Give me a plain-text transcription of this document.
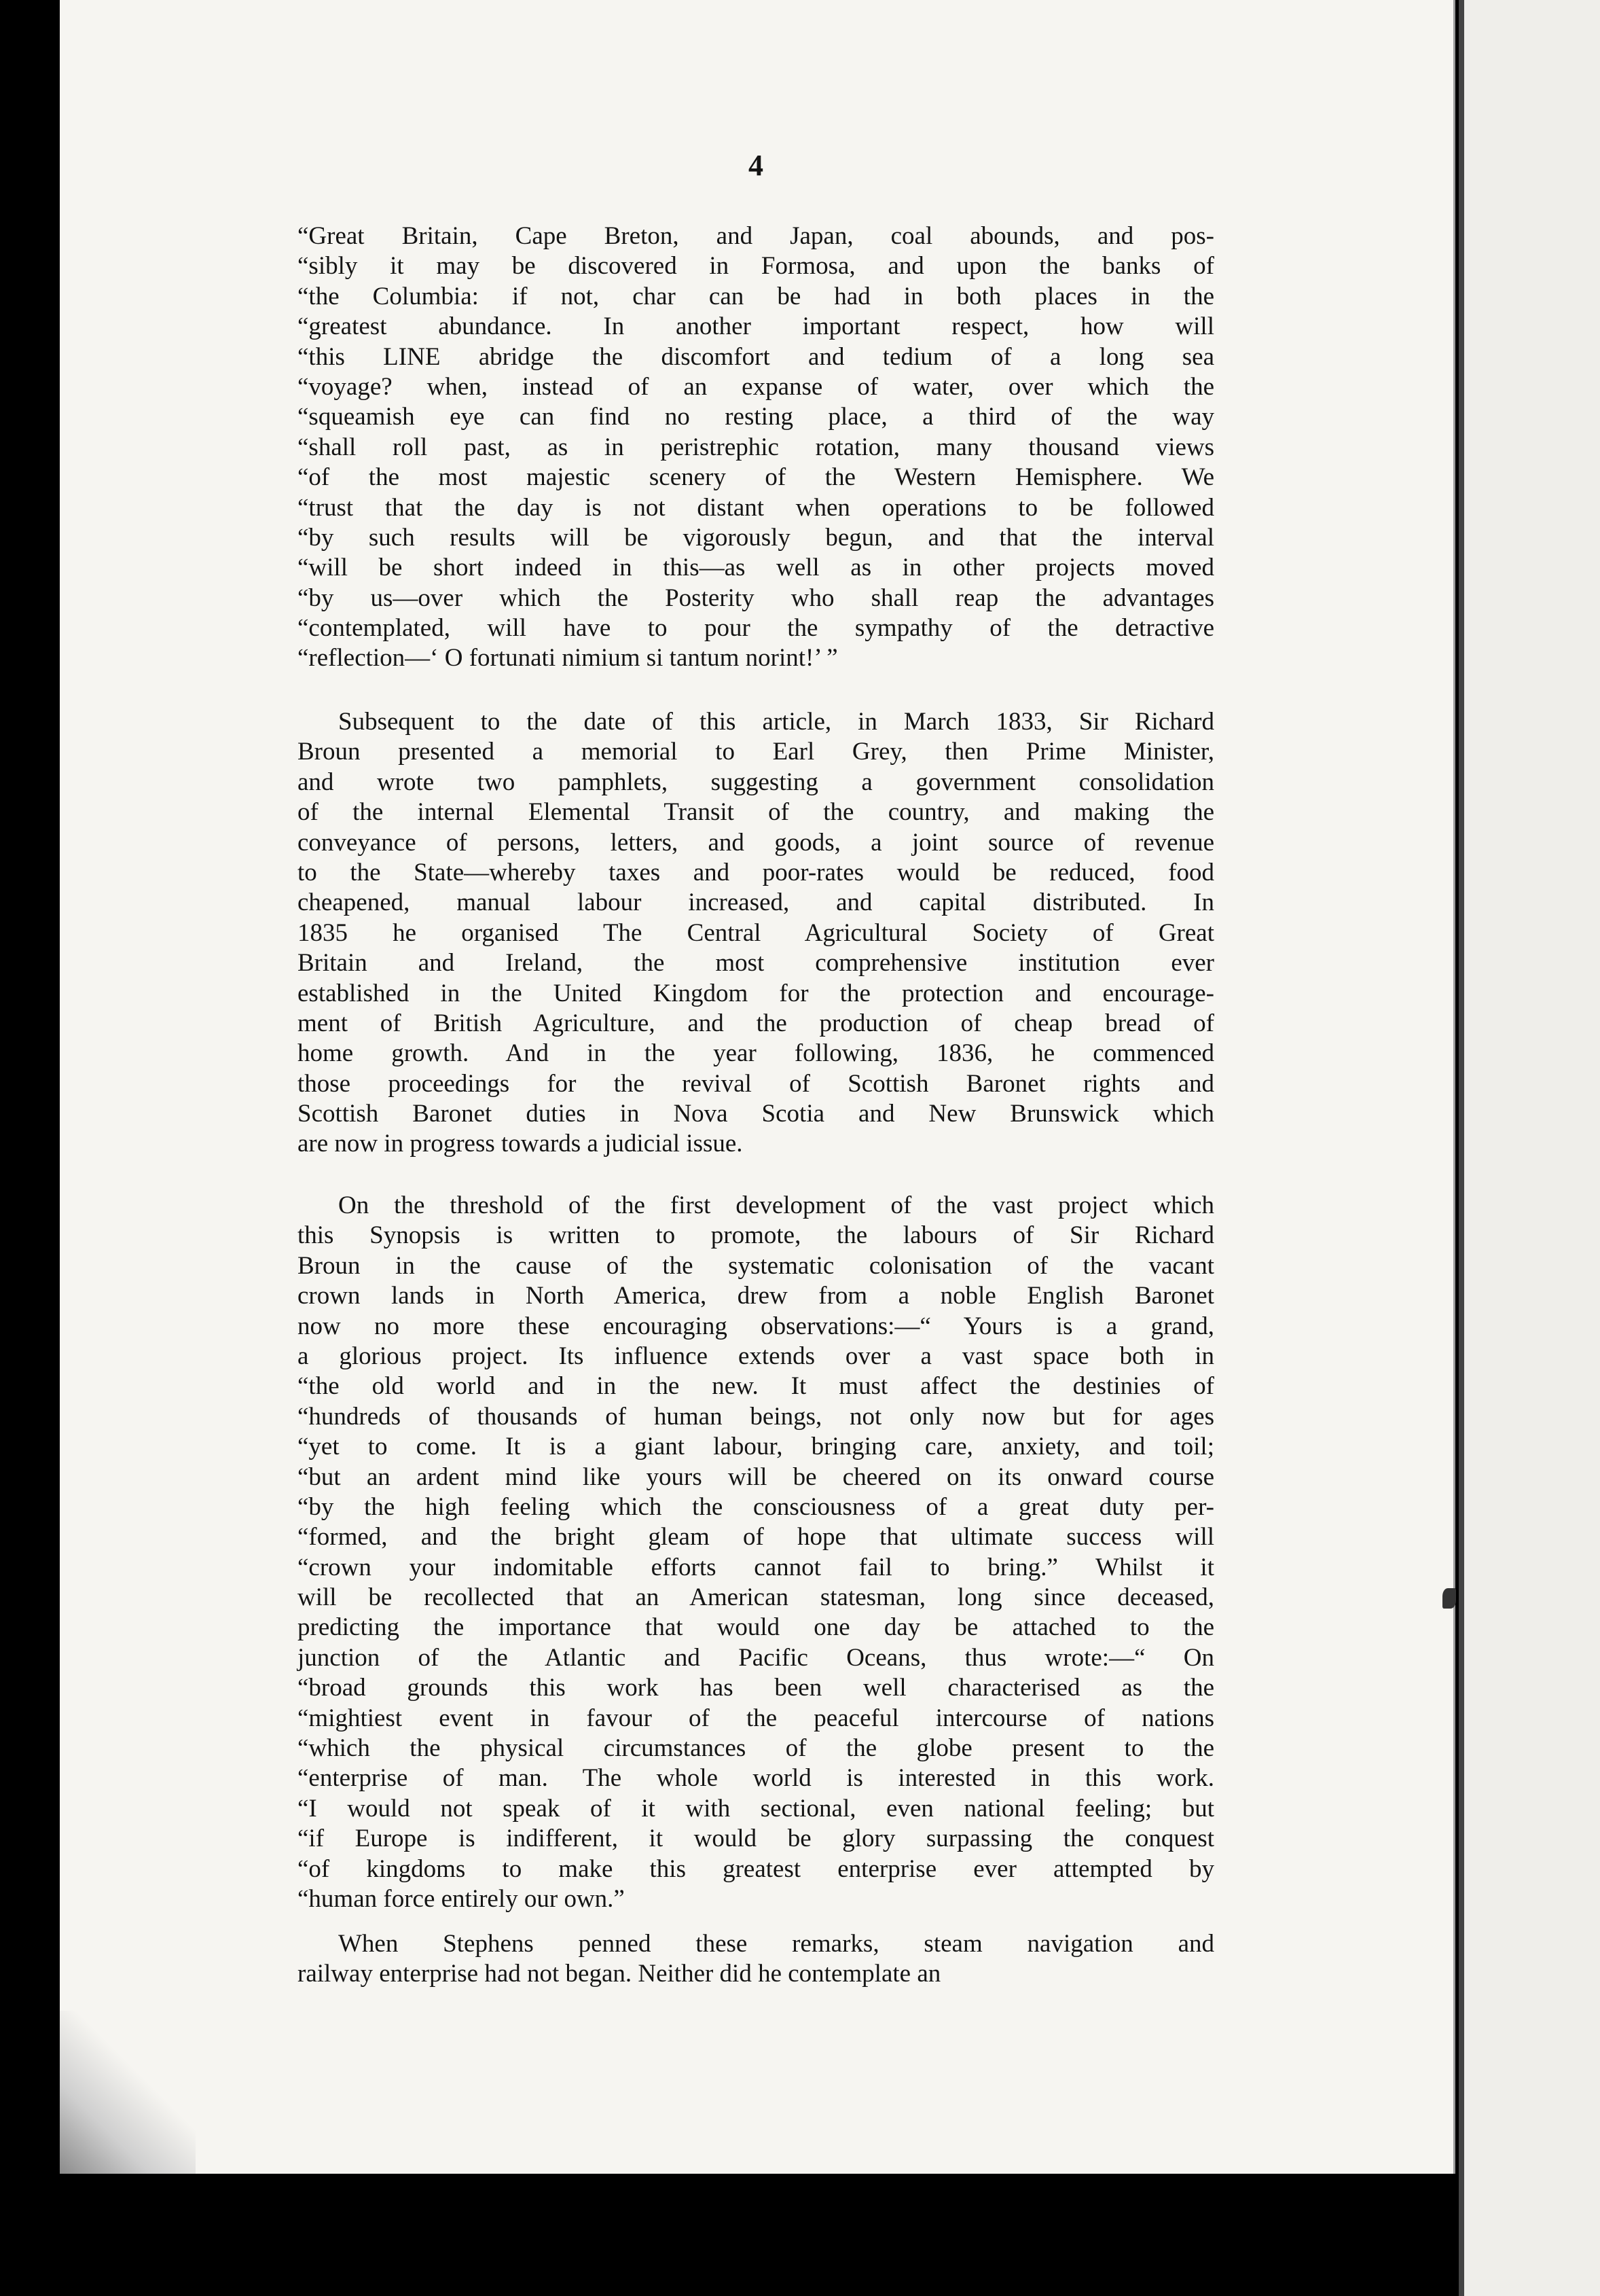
4
“Great Britain, Cape Breton, and Japan, coal abounds, and pos-
“sibly it may be discovered in Formosa, and upon the banks of
“the Columbia: if not, char can be had in both places in the
“greatest abundance. In another important respect, how will
“this LINE abridge the discomfort and tedium of a long sea
“voyage? when, instead of an expanse of water, over which the
“squeamish eye can find no resting place, a third of the way
“shall roll past, as in peristrephic rotation, many thousand views
“of the most majestic scenery of the Western Hemisphere. We
“trust that the day is not distant when operations to be followed
“by such results will be vigorously begun, and that the interval
“will be short indeed in this—as well as in other projects moved
“by us—over which the Posterity who shall reap the advantages
“contemplated, will have to pour the sympathy of the detractive
“reflection—‘ O fortunati nimium si tantum norint!’ ”
Subsequent to the date of this article, in March 1833, Sir Richard
Broun presented a memorial to Earl Grey, then Prime Minister,
and wrote two pamphlets, suggesting a government consolidation
of the internal Elemental Transit of the country, and making the
conveyance of persons, letters, and goods, a joint source of revenue
to the State—whereby taxes and poor-rates would be reduced, food
cheapened, manual labour increased, and capital distributed. In
1835 he organised The Central Agricultural Society of Great
Britain and Ireland, the most comprehensive institution ever
established in the United Kingdom for the protection and encourage-
ment of British Agriculture, and the production of cheap bread of
home growth. And in the year following, 1836, he commenced
those proceedings for the revival of Scottish Baronet rights and
Scottish Baronet duties in Nova Scotia and New Brunswick which
are now in progress towards a judicial issue.
On the threshold of the first development of the vast project which
this Synopsis is written to promote, the labours of Sir Richard
Broun in the cause of the systematic colonisation of the vacant
crown lands in North America, drew from a noble English Baronet
now no more these encouraging observations:—“ Yours is a grand,
a glorious project. Its influence extends over a vast space both in
“the old world and in the new. It must affect the destinies of
“hundreds of thousands of human beings, not only now but for ages
“yet to come. It is a giant labour, bringing care, anxiety, and toil;
“but an ardent mind like yours will be cheered on its onward course
“by the high feeling which the consciousness of a great duty per-
“formed, and the bright gleam of hope that ultimate success will
“crown your indomitable efforts cannot fail to bring.” Whilst it
will be recollected that an American statesman, long since deceased,
predicting the importance that would one day be attached to the
junction of the Atlantic and Pacific Oceans, thus wrote:—“ On
“broad grounds this work has been well characterised as the
“mightiest event in favour of the peaceful intercourse of nations
“which the physical circumstances of the globe present to the
“enterprise of man. The whole world is interested in this work.
“I would not speak of it with sectional, even national feeling; but
“if Europe is indifferent, it would be glory surpassing the conquest
“of kingdoms to make this greatest enterprise ever attempted by
“human force entirely our own.”
When Stephens penned these remarks, steam navigation and
railway enterprise had not began. Neither did he contemplate an
